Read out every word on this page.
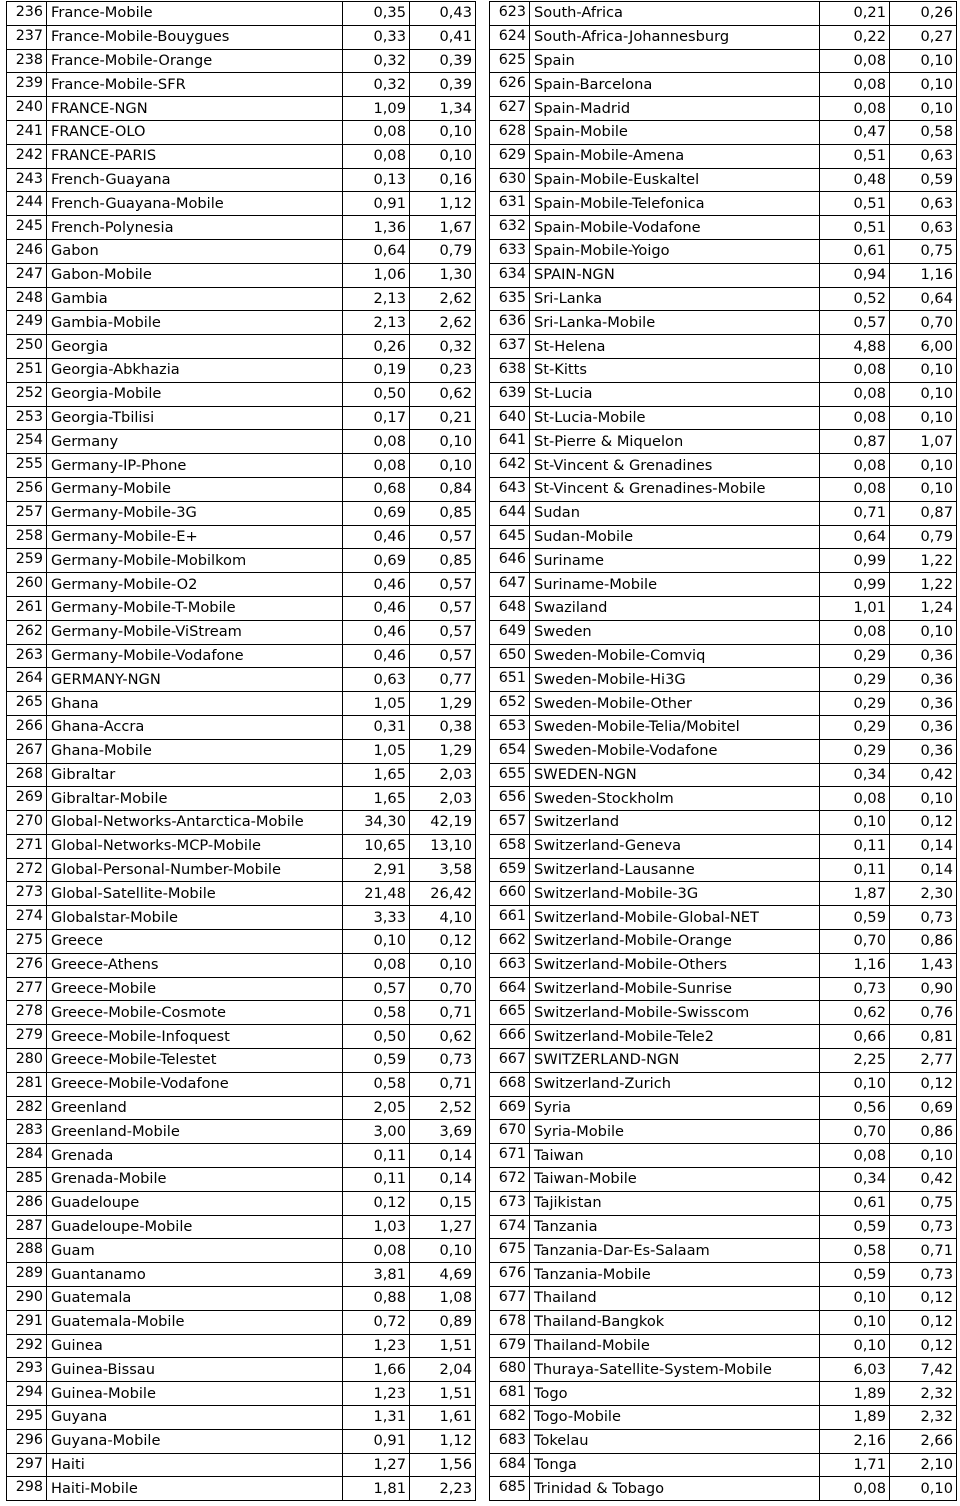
236	France-Mobile	0,35	0,43
237	France-Mobile-Bouygues	0,33	0,41
238	France-Mobile-Orange	0,32	0,39
239	France-Mobile-SFR	0,32	0,39
240	FRANCE-NGN	1,09	1,34
241	FRANCE-OLO	0,08	0,10
242	FRANCE-PARIS	0,08	0,10
243	French-Guayana	0,13	0,16
244	French-Guayana-Mobile	0,91	1,12
245	French-Polynesia	1,36	1,67
246	Gabon	0,64	0,79
247	Gabon-Mobile	1,06	1,30
248	Gambia	2,13	2,62
249	Gambia-Mobile	2,13	2,62
250	Georgia	0,26	0,32
251	Georgia-Abkhazia	0,19	0,23
252	Georgia-Mobile	0,50	0,62
253	Georgia-Tbilisi	0,17	0,21
254	Germany	0,08	0,10
255	Germany-IP-Phone	0,08	0,10
256	Germany-Mobile	0,68	0,84
257	Germany-Mobile-3G	0,69	0,85
258	Germany-Mobile-E+	0,46	0,57
259	Germany-Mobile-Mobilkom	0,69	0,85
260	Germany-Mobile-O2	0,46	0,57
261	Germany-Mobile-T-Mobile	0,46	0,57
262	Germany-Mobile-ViStream	0,46	0,57
263	Germany-Mobile-Vodafone	0,46	0,57
264	GERMANY-NGN	0,63	0,77
265	Ghana	1,05	1,29
266	Ghana-Accra	0,31	0,38
267	Ghana-Mobile	1,05	1,29
268	Gibraltar	1,65	2,03
269	Gibraltar-Mobile	1,65	2,03
270	Global-Networks-Antarctica-Mobile	34,30	42,19
271	Global-Networks-MCP-Mobile	10,65	13,10
272	Global-Personal-Number-Mobile	2,91	3,58
273	Global-Satellite-Mobile	21,48	26,42
274	Globalstar-Mobile	3,33	4,10
275	Greece	0,10	0,12
276	Greece-Athens	0,08	0,10
277	Greece-Mobile	0,57	0,70
278	Greece-Mobile-Cosmote	0,58	0,71
279	Greece-Mobile-Infoquest	0,50	0,62
280	Greece-Mobile-Telestet	0,59	0,73
281	Greece-Mobile-Vodafone	0,58	0,71
282	Greenland	2,05	2,52
283	Greenland-Mobile	3,00	3,69
284	Grenada	0,11	0,14
285	Grenada-Mobile	0,11	0,14
286	Guadeloupe	0,12	0,15
287	Guadeloupe-Mobile	1,03	1,27
288	Guam	0,08	0,10
289	Guantanamo	3,81	4,69
290	Guatemala	0,88	1,08
291	Guatemala-Mobile	0,72	0,89
292	Guinea	1,23	1,51
293	Guinea-Bissau	1,66	2,04
294	Guinea-Mobile	1,23	1,51
295	Guyana	1,31	1,61
296	Guyana-Mobile	0,91	1,12
297	Haiti	1,27	1,56
298	Haiti-Mobile	1,81	2,23
623	South-Africa	0,21	0,26
624	South-Africa-Johannesburg	0,22	0,27
625	Spain	0,08	0,10
626	Spain-Barcelona	0,08	0,10
627	Spain-Madrid	0,08	0,10
628	Spain-Mobile	0,47	0,58
629	Spain-Mobile-Amena	0,51	0,63
630	Spain-Mobile-Euskaltel	0,48	0,59
631	Spain-Mobile-Telefonica	0,51	0,63
632	Spain-Mobile-Vodafone	0,51	0,63
633	Spain-Mobile-Yoigo	0,61	0,75
634	SPAIN-NGN	0,94	1,16
635	Sri-Lanka	0,52	0,64
636	Sri-Lanka-Mobile	0,57	0,70
637	St-Helena	4,88	6,00
638	St-Kitts	0,08	0,10
639	St-Lucia	0,08	0,10
640	St-Lucia-Mobile	0,08	0,10
641	St-Pierre & Miquelon	0,87	1,07
642	St-Vincent & Grenadines	0,08	0,10
643	St-Vincent & Grenadines-Mobile	0,08	0,10
644	Sudan	0,71	0,87
645	Sudan-Mobile	0,64	0,79
646	Suriname	0,99	1,22
647	Suriname-Mobile	0,99	1,22
648	Swaziland	1,01	1,24
649	Sweden	0,08	0,10
650	Sweden-Mobile-Comviq	0,29	0,36
651	Sweden-Mobile-Hi3G	0,29	0,36
652	Sweden-Mobile-Other	0,29	0,36
653	Sweden-Mobile-Telia/Mobitel	0,29	0,36
654	Sweden-Mobile-Vodafone	0,29	0,36
655	SWEDEN-NGN	0,34	0,42
656	Sweden-Stockholm	0,08	0,10
657	Switzerland	0,10	0,12
658	Switzerland-Geneva	0,11	0,14
659	Switzerland-Lausanne	0,11	0,14
660	Switzerland-Mobile-3G	1,87	2,30
661	Switzerland-Mobile-Global-NET	0,59	0,73
662	Switzerland-Mobile-Orange	0,70	0,86
663	Switzerland-Mobile-Others	1,16	1,43
664	Switzerland-Mobile-Sunrise	0,73	0,90
665	Switzerland-Mobile-Swisscom	0,62	0,76
666	Switzerland-Mobile-Tele2	0,66	0,81
667	SWITZERLAND-NGN	2,25	2,77
668	Switzerland-Zurich	0,10	0,12
669	Syria	0,56	0,69
670	Syria-Mobile	0,70	0,86
671	Taiwan	0,08	0,10
672	Taiwan-Mobile	0,34	0,42
673	Tajikistan	0,61	0,75
674	Tanzania	0,59	0,73
675	Tanzania-Dar-Es-Salaam	0,58	0,71
676	Tanzania-Mobile	0,59	0,73
677	Thailand	0,10	0,12
678	Thailand-Bangkok	0,10	0,12
679	Thailand-Mobile	0,10	0,12
680	Thuraya-Satellite-System-Mobile	6,03	7,42
681	Togo	1,89	2,32
682	Togo-Mobile	1,89	2,32
683	Tokelau	2,16	2,66
684	Tonga	1,71	2,10
685	Trinidad & Tobago	0,08	0,10
